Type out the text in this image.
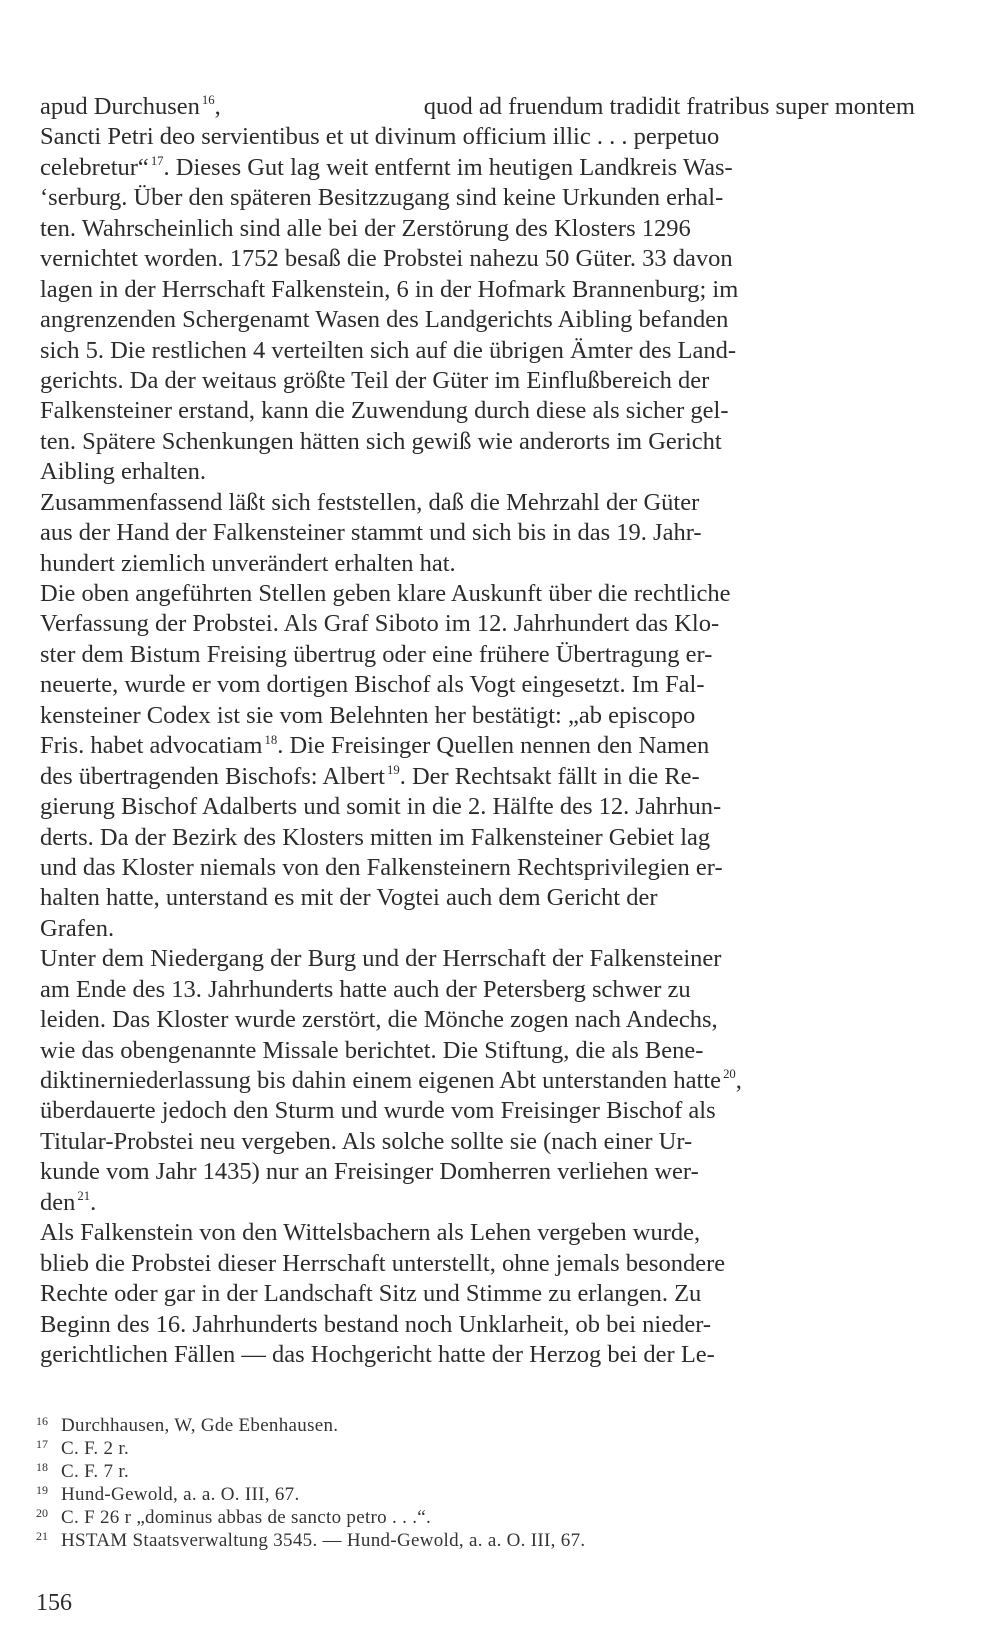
apud Durchusen $^{16}$,	quod ad fruendum tradidit fratribus super montem
Sancti Petri deo servientibus et ut divinum officium illic . . . perpetuo
celebretur“ $^{17}$. Dieses Gut lag weit entfernt im heutigen Landkreis Was-
‘serburg. Über den späteren Besitzzugang sind keine Urkunden erhal-
ten. Wahrscheinlich sind alle bei der Zerstörung des Klosters 1296
vernichtet worden. 1752 besaß die Probstei nahezu 50 Güter. 33 davon
lagen in der Herrschaft Falkenstein, 6 in der Hofmark Brannenburg; im
angrenzenden Schergenamt Wasen des Landgerichts Aibling befanden
sich 5. Die restlichen 4 verteilten sich auf die übrigen Ämter des Land-
gerichts. Da der weitaus größte Teil der Güter im Einflußbereich der
Falkensteiner erstand, kann die Zuwendung durch diese als sicher gel-
ten. Spätere Schenkungen hätten sich gewiß wie anderorts im Gericht
Aibling erhalten.
Zusammenfassend läßt sich feststellen, daß die Mehrzahl der Güter
aus der Hand der Falkensteiner stammt und sich bis in das 19. Jahr-
hundert ziemlich unverändert erhalten hat.
Die oben angeführten Stellen geben klare Auskunft über die rechtliche
Verfassung der Probstei. Als Graf Siboto im 12. Jahrhundert das Klo-
ster dem Bistum Freising übertrug oder eine frühere Übertragung er-
neuerte, wurde er vom dortigen Bischof als Vogt eingesetzt. Im Fal-
kensteiner Codex ist sie vom Belehnten her bestätigt: „ab episcopo
Fris. habet advocatiam $^{18}$. Die Freisinger Quellen nennen den Namen
des übertragenden Bischofs: Albert $^{19}$. Der Rechtsakt fällt in die Re-
gierung Bischof Adalberts und somit in die 2. Hälfte des 12. Jahrhun-
derts. Da der Bezirk des Klosters mitten im Falkensteiner Gebiet lag
und das Kloster niemals von den Falkensteinern Rechtsprivilegien er-
halten hatte, unterstand es mit der Vogtei auch dem Gericht der
Grafen.
Unter dem Niedergang der Burg und der Herrschaft der Falkensteiner
am Ende des 13. Jahrhunderts hatte auch der Petersberg schwer zu
leiden. Das Kloster wurde zerstört, die Mönche zogen nach Andechs,
wie das obengenannte Missale berichtet. Die Stiftung, die als Bene-
diktinerniederlassung bis dahin einem eigenen Abt unterstanden hatte $^{20}$,
überdauerte jedoch den Sturm und wurde vom Freisinger Bischof als
Titular-Probstei neu vergeben. Als solche sollte sie (nach einer Ur-
kunde vom Jahr 1435) nur an Freisinger Domherren verliehen wer-
den $^{21}$.
Als Falkenstein von den Wittelsbachern als Lehen vergeben wurde,
blieb die Probstei dieser Herrschaft unterstellt, ohne jemals besondere
Rechte oder gar in der Landschaft Sitz und Stimme zu erlangen. Zu
Beginn des 16. Jahrhunderts bestand noch Unklarheit, ob bei nieder-
gerichtlichen Fällen — das Hochgericht hatte der Herzog bei der Le-
16 Durchhausen, W, Gde Ebenhausen.
17 C. F. 2 r.
18 C. F. 7 r.
19 Hund-Gewold, a. a. O. III, 67.
20 C. F 26 r „dominus abbas de sancto petro . . .“.
21 HSTAM Staatsverwaltung 3545. — Hund-Gewold, a. a. O. III, 67.
156
